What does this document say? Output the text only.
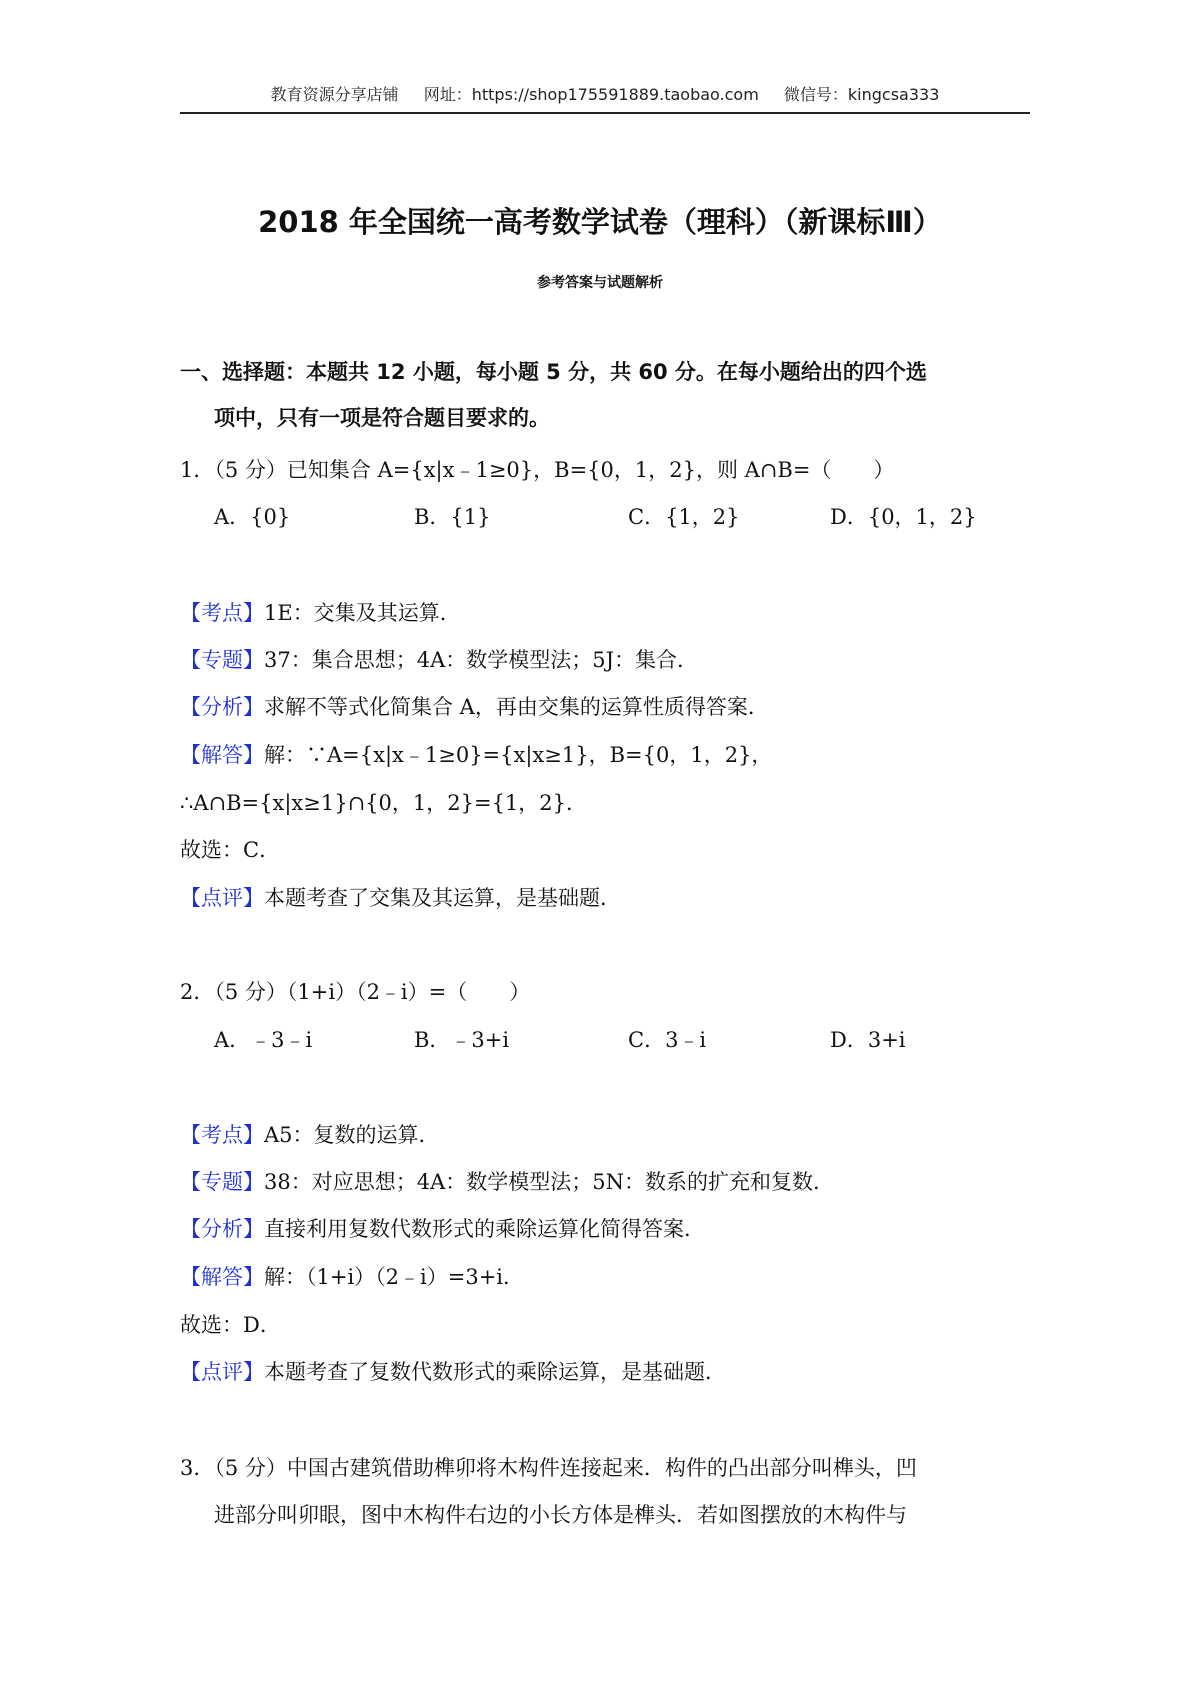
教育资源分享店铺 网址：https://shop175591889.taobao.com 微信号：kingcsa333
2018 年全国统一高考数学试卷（理科）（新课标Ⅲ）
参考答案与试题解析
一、选择题：本题共 12 小题，每小题 5 分，共 60 分。在每小题给出的四个选
项中，只有一项是符合题目要求的。
1．（5 分）已知集合 A={x|x﹣1≥0}，B={0，1，2}，则 A∩B=（　　）
A．{0}	B．{1}	C．{1，2}	D．{0，1，2}
【考点】1E：交集及其运算．
【专题】37：集合思想；4A：数学模型法；5J：集合．
【分析】求解不等式化简集合 A，再由交集的运算性质得答案．
【解答】解：∵A={x|x﹣1≥0}={x|x≥1}，B={0，1，2}，
∴A∩B={x|x≥1}∩{0，1，2}={1，2}．
故选：C．
【点评】本题考查了交集及其运算，是基础题．
2．（5 分）（1+i）（2﹣i）=（　　）
A．﹣3﹣i	B．﹣3+i	C．3﹣i	D．3+i
【考点】A5：复数的运算．
【专题】38：对应思想；4A：数学模型法；5N：数系的扩充和复数．
【分析】直接利用复数代数形式的乘除运算化简得答案．
【解答】解：（1+i）（2﹣i）=3+i．
故选：D．
【点评】本题考查了复数代数形式的乘除运算，是基础题．
3．（5 分）中国古建筑借助榫卯将木构件连接起来．构件的凸出部分叫榫头，凹
进部分叫卯眼，图中木构件右边的小长方体是榫头．若如图摆放的木构件与
